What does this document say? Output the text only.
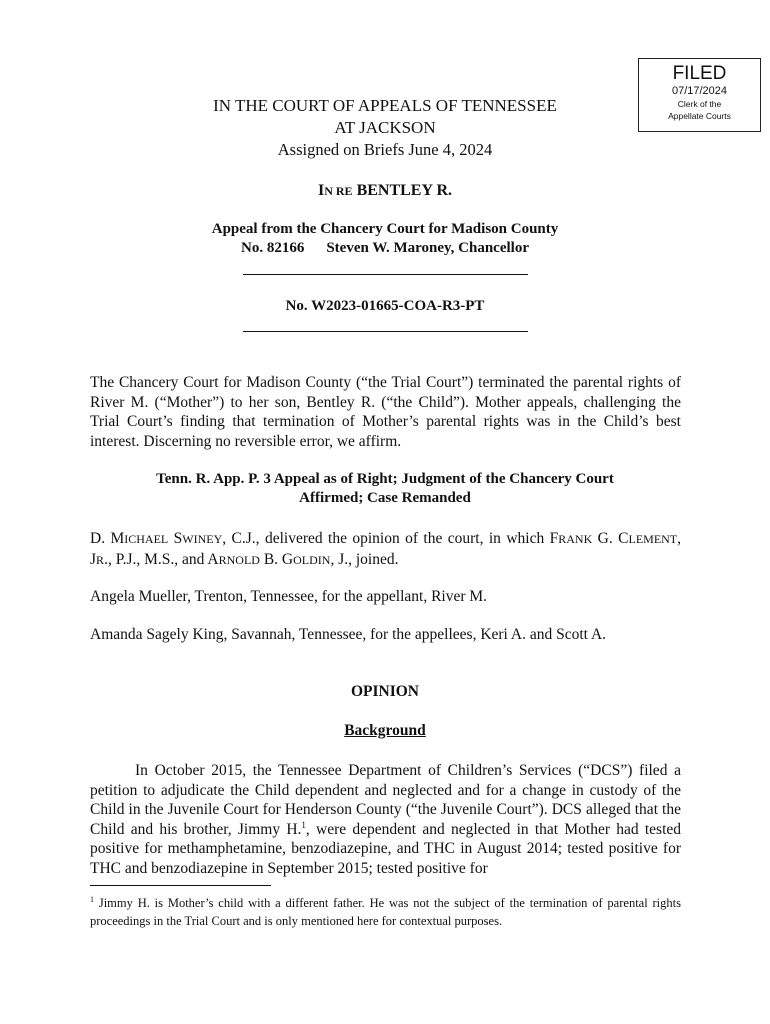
FILED
07/17/2024
Clerk of the
Appellate Courts
IN THE COURT OF APPEALS OF TENNESSEE
AT JACKSON
Assigned on Briefs June 4, 2024
IN RE BENTLEY R.
Appeal from the Chancery Court for Madison County
No. 82166 Steven W. Maroney, Chancellor
No. W2023-01665-COA-R3-PT

The Chancery Court for Madison County (“the Trial Court”) terminated the parental rights of River M. (“Mother”) to her son, Bentley R. (“the Child”). Mother appeals, challenging the Trial Court’s finding that termination of Mother’s parental rights was in the Child’s best interest. Discerning no reversible error, we affirm.

Tenn. R. App. P. 3 Appeal as of Right; Judgment of the Chancery Court
Affirmed; Case Remanded

D. MICHAEL SWINEY, C.J., delivered the opinion of the court, in which FRANK G. CLEMENT, JR., P.J., M.S., and ARNOLD B. GOLDIN, J., joined.

Angela Mueller, Trenton, Tennessee, for the appellant, River M.

Amanda Sagely King, Savannah, Tennessee, for the appellees, Keri A. and Scott A.

OPINION
Background

In October 2015, the Tennessee Department of Children’s Services (“DCS”) filed a petition to adjudicate the Child dependent and neglected and for a change in custody of the Child in the Juvenile Court for Henderson County (“the Juvenile Court”). DCS alleged that the Child and his brother, Jimmy H.$^1$, were dependent and neglected in that Mother had tested positive for methamphetamine, benzodiazepine, and THC in August 2014; tested positive for THC and benzodiazepine in September 2015; tested positive for

$^1$ Jimmy H. is Mother’s child with a different father. He was not the subject of the termination of parental rights proceedings in the Trial Court and is only mentioned here for contextual purposes.
